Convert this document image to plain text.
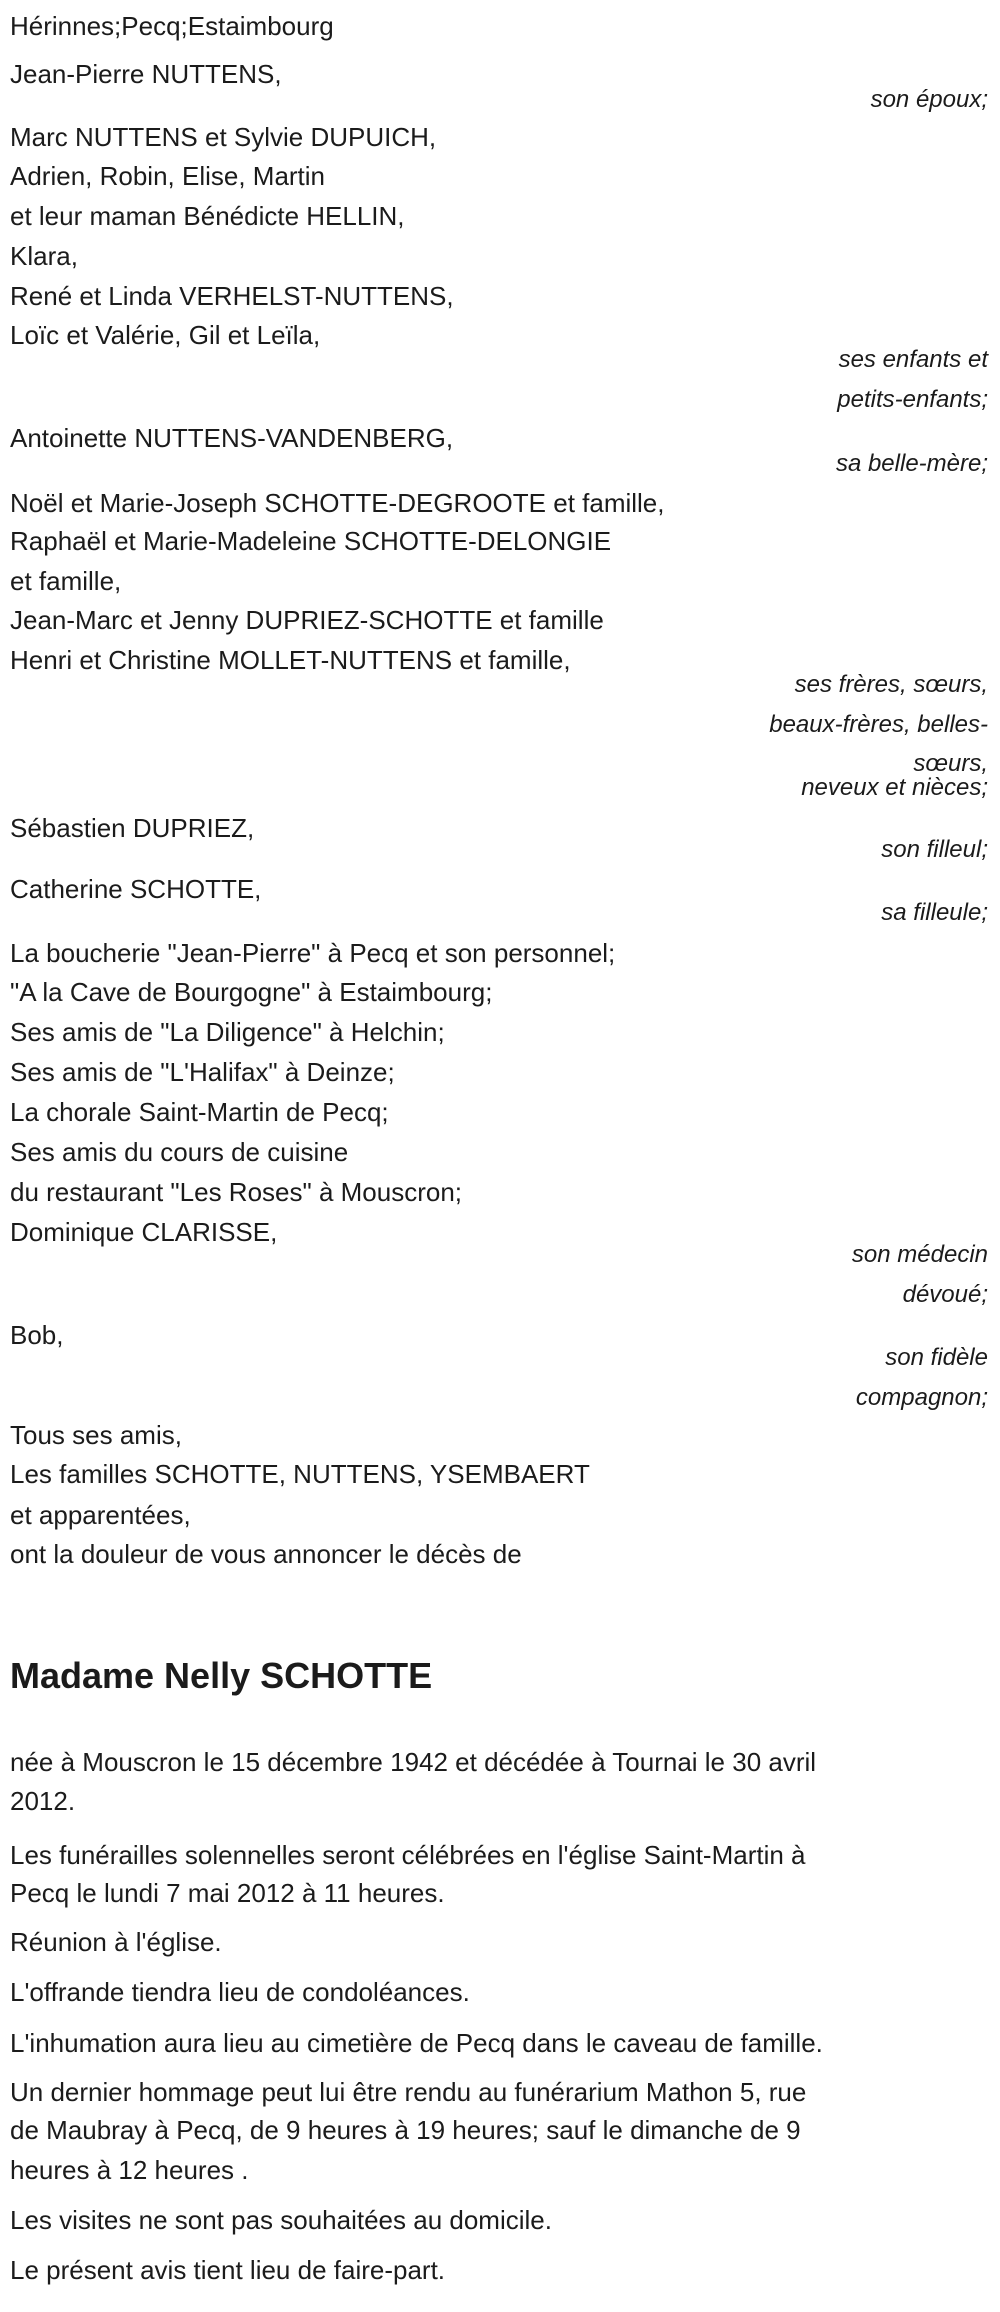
Hérinnes;Pecq;Estaimbourg
Jean-Pierre NUTTENS,
son époux;
Marc NUTTENS et Sylvie DUPUICH,
Adrien, Robin, Elise, Martin
et leur maman Bénédicte HELLIN,
Klara,
René et Linda VERHELST-NUTTENS,
Loïc et Valérie, Gil et Leïla,
ses enfants et
petits-enfants;
Antoinette NUTTENS-VANDENBERG,
sa belle-mère;
Noël et Marie-Joseph SCHOTTE-DEGROOTE et famille,
Raphaël et Marie-Madeleine SCHOTTE-DELONGIE
et famille,
Jean-Marc et Jenny DUPRIEZ-SCHOTTE et famille
Henri et Christine MOLLET-NUTTENS et famille,
ses frères, sœurs,
beaux-frères, belles-
sœurs,
neveux et nièces;
Sébastien DUPRIEZ,
son filleul;
Catherine SCHOTTE,
sa filleule;
La boucherie "Jean-Pierre" à Pecq et son personnel;
"A la Cave de Bourgogne" à Estaimbourg;
Ses amis de "La Diligence" à Helchin;
Ses amis de "L'Halifax" à Deinze;
La chorale Saint-Martin de Pecq;
Ses amis du cours de cuisine
du restaurant "Les Roses" à Mouscron;
Dominique CLARISSE,
son médecin
dévoué;
Bob,
son fidèle
compagnon;
Tous ses amis,
Les familles SCHOTTE, NUTTENS, YSEMBAERT
et apparentées,
ont la douleur de vous annoncer le décès de
Madame Nelly SCHOTTE
née à Mouscron le 15 décembre 1942 et décédée à Tournai le 30 avril
2012.
Les funérailles solennelles seront célébrées en l'église Saint-Martin à
Pecq le lundi 7 mai 2012 à 11 heures.
Réunion à l'église.
L'offrande tiendra lieu de condoléances.
L'inhumation aura lieu au cimetière de Pecq dans le caveau de famille.
Un dernier hommage peut lui être rendu au funérarium Mathon 5, rue
de Maubray à Pecq, de 9 heures à 19 heures; sauf le dimanche de 9
heures à 12 heures .
Les visites ne sont pas souhaitées au domicile.
Le présent avis tient lieu de faire-part.
